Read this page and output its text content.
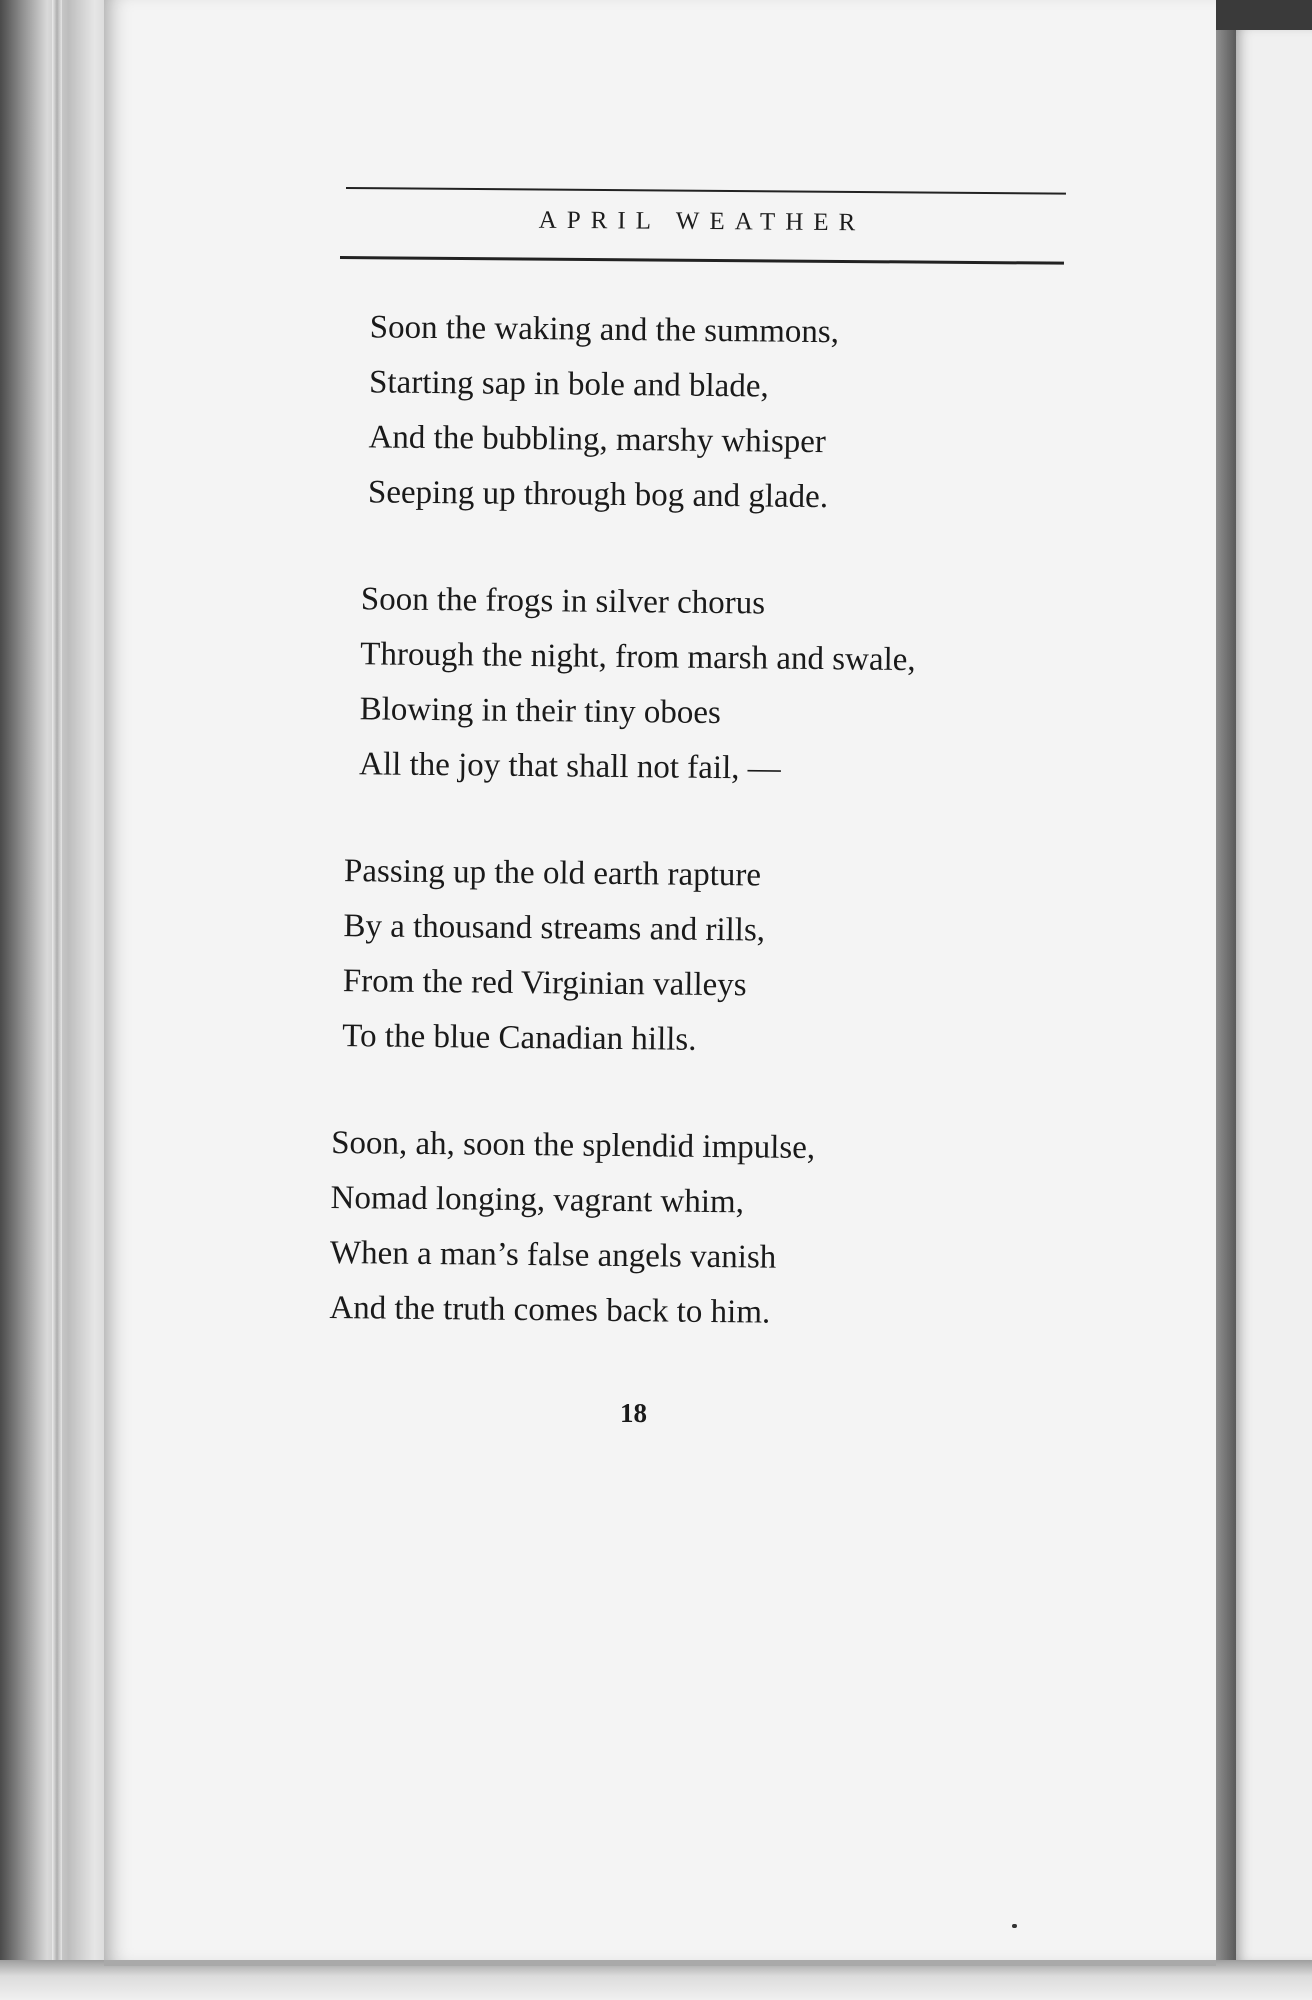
APRIL WEATHER
Soon the waking and the summons,
Starting sap in bole and blade,
And the bubbling, marshy whisper
Seeping up through bog and glade.
Soon the frogs in silver chorus
Through the night, from marsh and swale,
Blowing in their tiny oboes
All the joy that shall not fail, —
Passing up the old earth rapture
By a thousand streams and rills,
From the red Virginian valleys
To the blue Canadian hills.
Soon, ah, soon the splendid impulse,
Nomad longing, vagrant whim,
When a man’s false angels vanish
And the truth comes back to him.
18
